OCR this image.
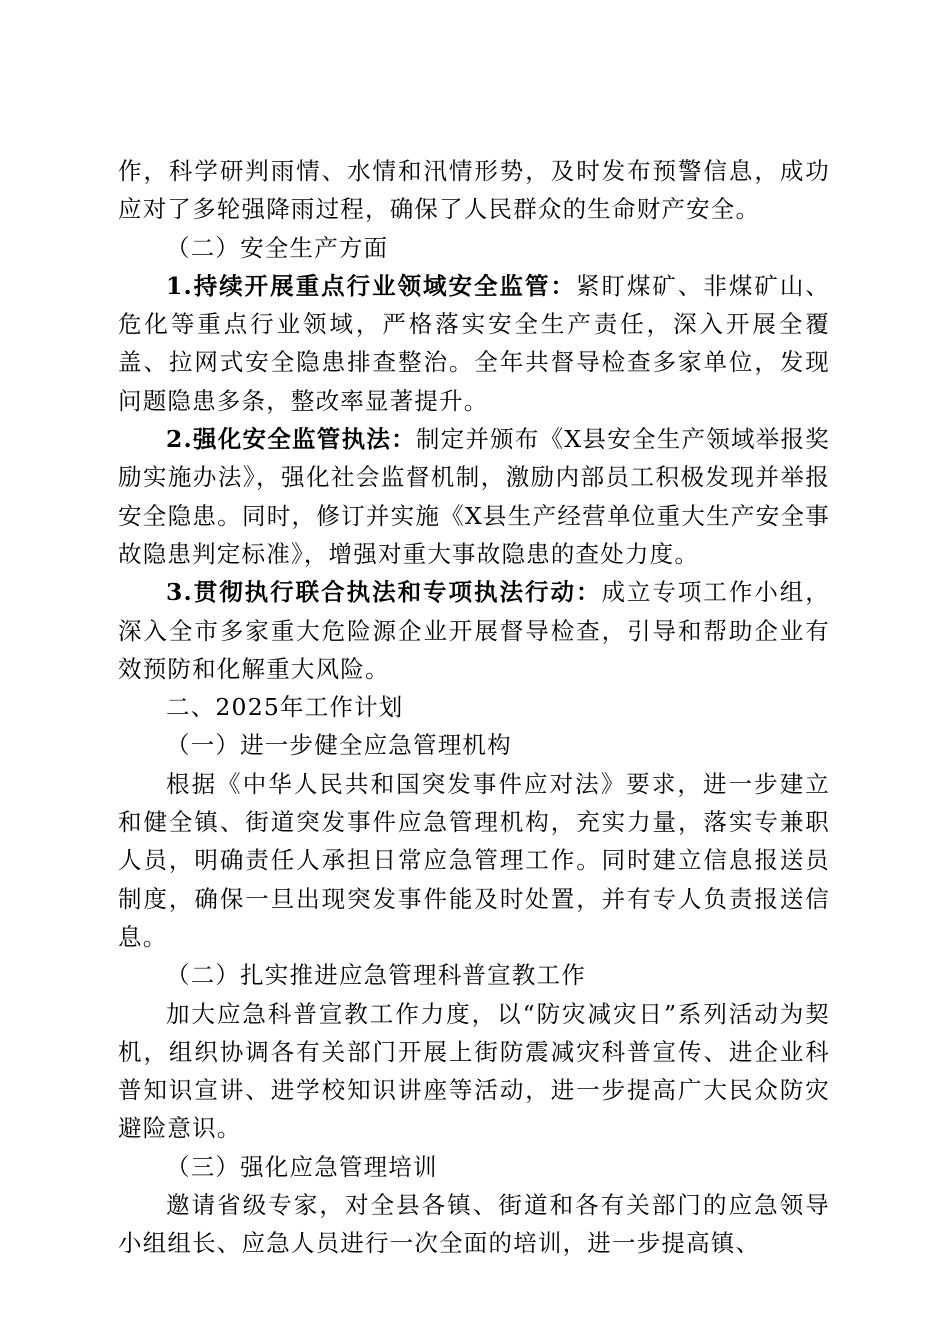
作，科学研判雨情、水情和汛情形势，及时发布预警信息，成功应对了多轮强降雨过程，确保了人民群众的生命财产安全。

（二）安全生产方面

1.持续开展重点行业领域安全监管：紧盯煤矿、非煤矿山、危化等重点行业领域，严格落实安全生产责任，深入开展全覆盖、拉网式安全隐患排查整治。全年共督导检查多家单位，发现问题隐患多条，整改率显著提升。

2.强化安全监管执法：制定并颁布《X县安全生产领域举报奖励实施办法》，强化社会监督机制，激励内部员工积极发现并举报安全隐患。同时，修订并实施《X县生产经营单位重大生产安全事故隐患判定标准》，增强对重大事故隐患的查处力度。

3.贯彻执行联合执法和专项执法行动：成立专项工作小组，深入全市多家重大危险源企业开展督导检查，引导和帮助企业有效预防和化解重大风险。

二、2025年工作计划

（一）进一步健全应急管理机构

根据《中华人民共和国突发事件应对法》要求，进一步建立和健全镇、街道突发事件应急管理机构，充实力量，落实专兼职人员，明确责任人承担日常应急管理工作。同时建立信息报送员制度，确保一旦出现突发事件能及时处置，并有专人负责报送信息。

（二）扎实推进应急管理科普宣教工作

加大应急科普宣教工作力度，以“防灾减灾日”系列活动为契机，组织协调各有关部门开展上街防震减灾科普宣传、进企业科普知识宣讲、进学校知识讲座等活动，进一步提高广大民众防灾避险意识。

（三）强化应急管理培训

邀请省级专家，对全县各镇、街道和各有关部门的应急领导小组组长、应急人员进行一次全面的培训，进一步提高镇、
